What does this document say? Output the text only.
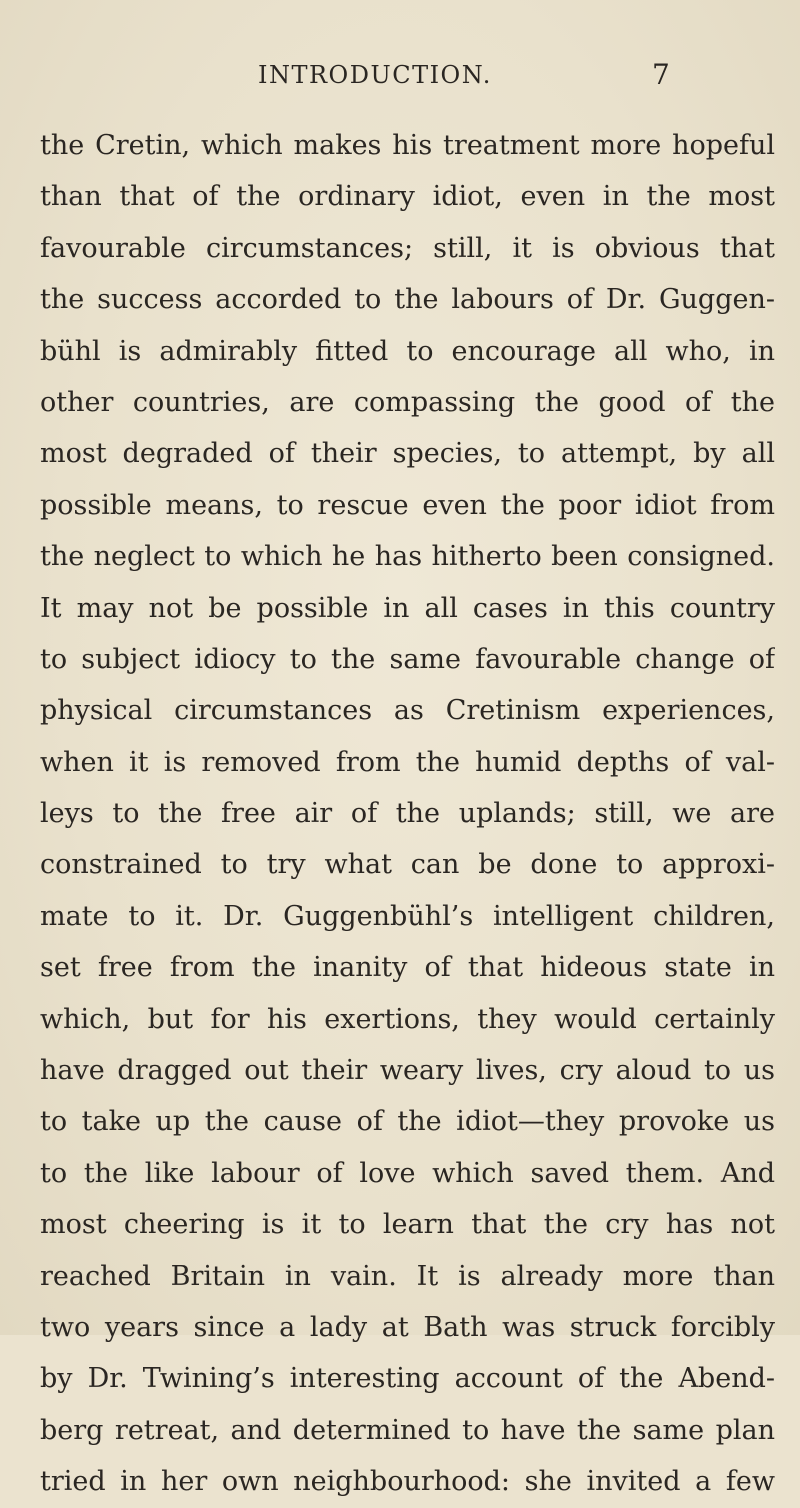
INTRODUCTION.	7
the Cretin, which makes his treatment more hopeful
than that of the ordinary idiot, even in the most
favourable circumstances; still, it is obvious that
the success accorded to the labours of Dr. Guggen-
bühl is admirably fitted to encourage all who, in
other countries, are compassing the good of the
most degraded of their species, to attempt, by all
possible means, to rescue even the poor idiot from
the neglect to which he has hitherto been consigned.
It may not be possible in all cases in this country
to subject idiocy to the same favourable change of
physical circumstances as Cretinism experiences,
when it is removed from the humid depths of val-
leys to the free air of the uplands; still, we are
constrained to try what can be done to approxi-
mate to it. Dr. Guggenbühl’s intelligent children,
set free from the inanity of that hideous state in
which, but for his exertions, they would certainly
have dragged out their weary lives, cry aloud to us
to take up the cause of the idiot—they provoke us
to the like labour of love which saved them. And
most cheering is it to learn that the cry has not
reached Britain in vain. It is already more than
two years since a lady at Bath was struck forcibly
by Dr. Twining’s interesting account of the Abend-
berg retreat, and determined to have the same plan
tried in her own neighbourhood: she invited a few
